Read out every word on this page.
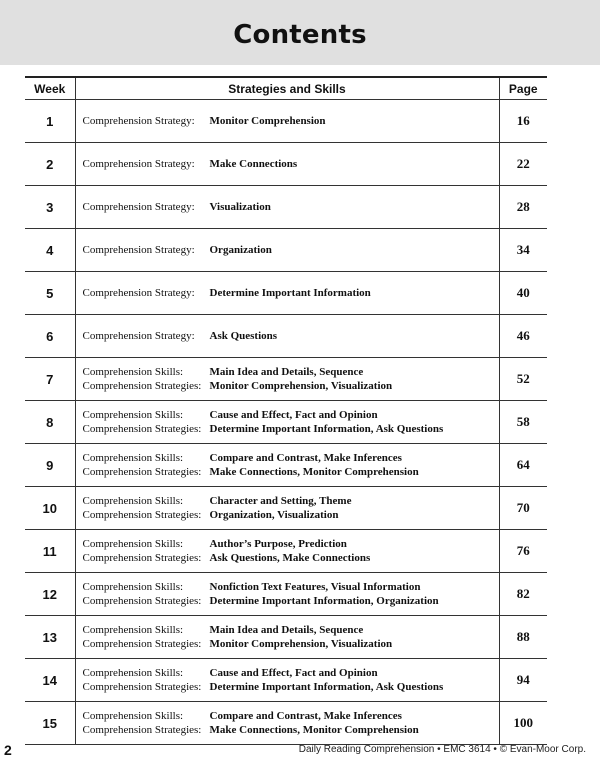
Contents
Week	Strategies and Skills	Page
1	Comprehension Strategy: Monitor Comprehension	16
2	Comprehension Strategy: Make Connections	22
3	Comprehension Strategy: Visualization	28
4	Comprehension Strategy: Organization	34
5	Comprehension Strategy: Determine Important Information	40
6	Comprehension Strategy: Ask Questions	46
7	Comprehension Skills: Main Idea and Details, Sequence
Comprehension Strategies: Monitor Comprehension, Visualization	52
8	Comprehension Skills: Cause and Effect, Fact and Opinion
Comprehension Strategies: Determine Important Information, Ask Questions	58
9	Comprehension Skills: Compare and Contrast, Make Inferences
Comprehension Strategies: Make Connections, Monitor Comprehension	64
10	Comprehension Skills: Character and Setting, Theme
Comprehension Strategies: Organization, Visualization	70
11	Comprehension Skills: Author’s Purpose, Prediction
Comprehension Strategies: Ask Questions, Make Connections	76
12	Comprehension Skills: Nonfiction Text Features, Visual Information
Comprehension Strategies: Determine Important Information, Organization	82
13	Comprehension Skills: Main Idea and Details, Sequence
Comprehension Strategies: Monitor Comprehension, Visualization	88
14	Comprehension Skills: Cause and Effect, Fact and Opinion
Comprehension Strategies: Determine Important Information, Ask Questions	94
15	Comprehension Skills: Compare and Contrast, Make Inferences
Comprehension Strategies: Make Connections, Monitor Comprehension	100
2	Daily Reading Comprehension • EMC 3614 • © Evan-Moor Corp.
